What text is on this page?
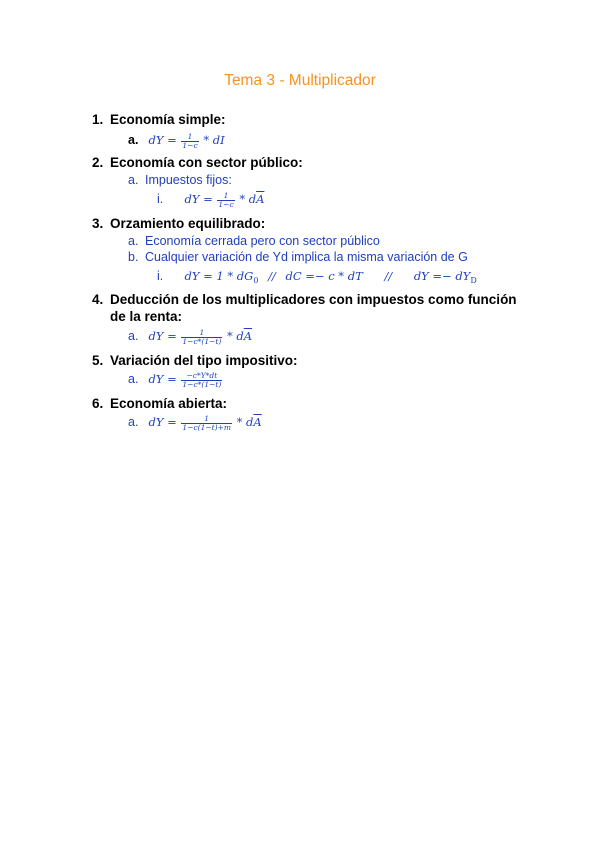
Tema 3 - Multiplicador
1. Economía simple:
a. dY = $\frac{1}{1-c}$ * dI
2. Economía con sector público:
a. Impuestos fijos:
i. dY = $\frac{1}{1-c} * d\overline{A}$
3. Orzamiento equilibrado:
a. Economía cerrada pero con sector público
b. Cualquier variación de Yd implica la misma variación de G
i. dY = $1 * dG_0$ // dC =− c * dT // dY =− $dY_D$
4. Deducción de los multiplicadores con impuestos como función de la renta:
a. dY = $\frac{1}{1-c*(1-t)} * d\overline{A}$
5. Variación del tipo impositivo:
a. dY = $\frac{-c*Y*dt}{1-c*(1-t)}$
6. Economía abierta:
a. dY = $\frac{1}{1-c(1-t)+m} * d\overline{A}$
